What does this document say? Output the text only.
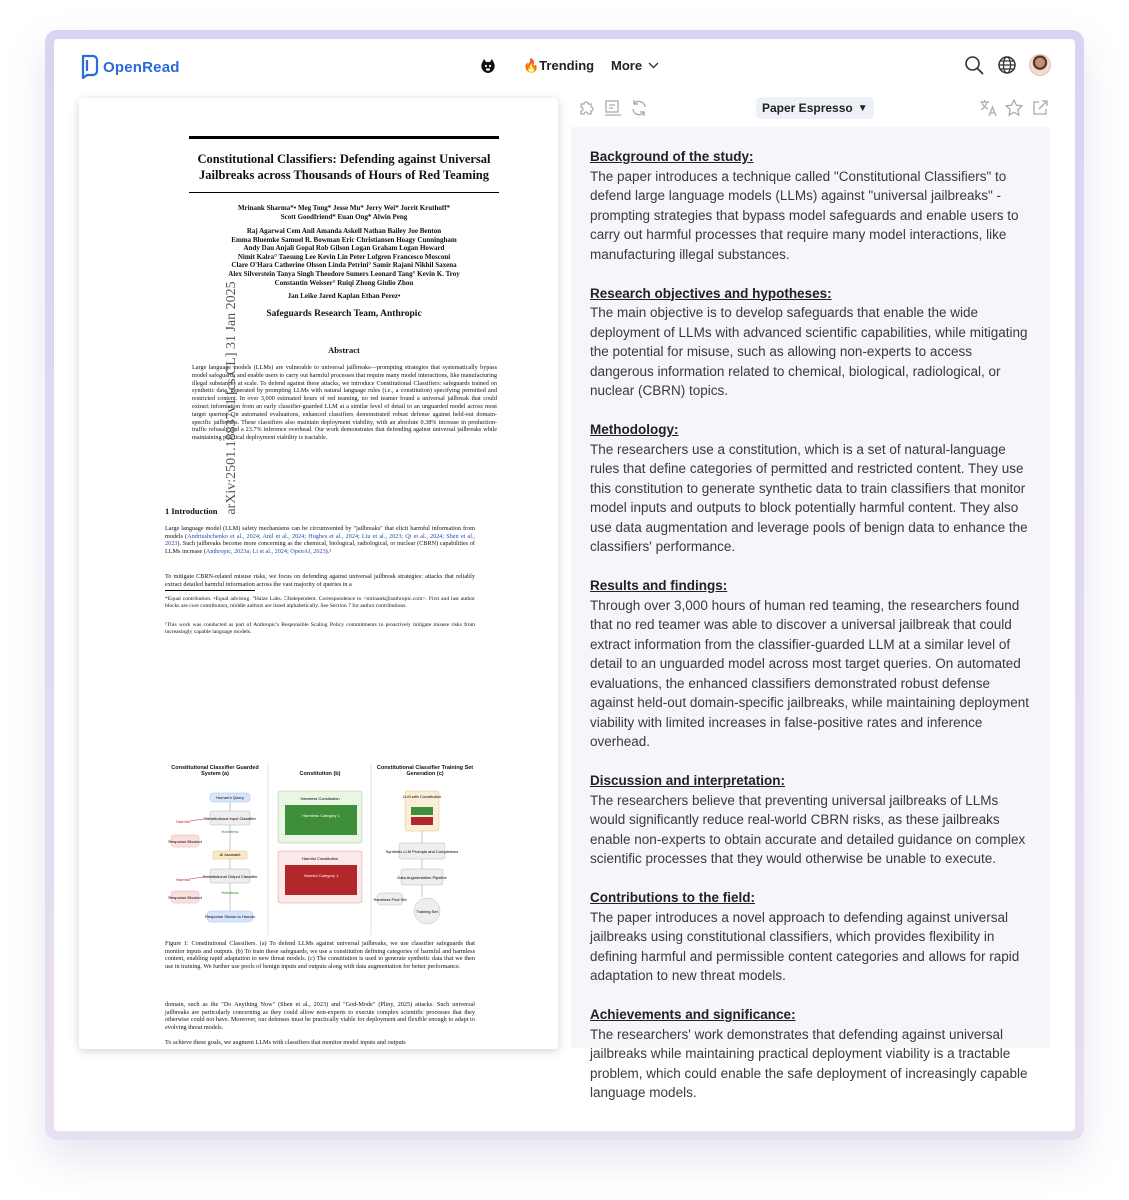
OpenRead	🔥Trending More
Constitutional Classifiers: Defending against Universal
Jailbreaks across Thousands of Hours of Red Teaming
Mrinank Sharma*• Meg Tong* Jesse Mu* Jerry Wei* Jorrit Kruthoff*
Scott Goodfriend* Euan Ong* Alwin Peng
Raj Agarwal Cem Anil Amanda Askell Nathan Bailey Joe Benton
Emma Bluemke Samuel R. Bowman Eric Christiansen Hoagy Cunningham
Andy Dau Anjali Gopal Rob Gilson Logan Graham Logan Howard
Nimit Kalra° Taesung Lee Kevin Lin Peter Lofgren Francesco Mosconi
Clare O'Hara Catherine Olsson Linda Petrini° Samir Rajani Nikhil Saxena
Alex Silverstein Tanya Singh Theodore Sumers Leonard Tang° Kevin K. Troy
Constantin Weisser° Ruiqi Zhong Giulio Zhou
Jan Leike Jared Kaplan Ethan Perez•
Safeguards Research Team, Anthropic
Abstract
Large language models (LLMs) are vulnerable to universal jailbreaks—prompting strategies that systematically bypass model safeguards and enable users to carry out harmful processes that require many model interactions, like manufacturing illegal substances at scale. To defend against these attacks, we introduce Constitutional Classifiers: safeguards trained on synthetic data, generated by prompting LLMs with natural language rules (i.e., a constitution) specifying permitted and restricted content. In over 3,000 estimated hours of red teaming, no red teamer found a universal jailbreak that could extract information from an early classifier-guarded LLM at a similar level of detail to an unguarded model across most target queries. On automated evaluations, enhanced classifiers demonstrated robust defense against held-out domain-specific jailbreaks. These classifiers also maintain deployment viability, with an absolute 0.38% increase in production-traffic refusals and a 23.7% inference overhead. Our work demonstrates that defending against universal jailbreaks while maintaining practical deployment viability is tractable.
arXiv:2501.18837v1 [cs.CL] 31 Jan 2025
1 Introduction
Large language model (LLM) safety mechanisms can be circumvented by "jailbreaks" that elicit harmful information from models (Andriushchenko et al., 2024; Anil et al., 2024; Hughes et al., 2024; Liu et al., 2023; Qi et al., 2024; Shen et al., 2023). Such jailbreaks become more concerning as the chemical, biological, radiological, or nuclear (CBRN) capabilities of LLMs increase (Anthropic, 2023a; Li et al., 2024; OpenAI, 2023).¹
To mitigate CBRN-related misuse risks, we focus on defending against universal jailbreak strategies: attacks that reliably extract detailed harmful information across the vast majority of queries in a
*Equal contribution. •Equal advising. °Haize Labs. □Independent. Correspondence to <mrinank@anthropic.com>. First and last author blocks are core contributors, middle authors are listed alphabetically. See Section 7 for author contributions.
¹This work was conducted as part of Anthropic's Responsible Scaling Policy commitments to proactively mitigate misuse risks from increasingly capable language models.
Constitutional Classifier Guarded System (a)	Constitution (b)
Constitutional Classifier Training Set Generation (c)
Human's Query
Constitutional Input Classifier
Harmful
Response Blocked
Harmless
AI Assistant
Constitutional Output Classifier
Harmful
Response Blocked
Harmless
Response Shown to Human
Harmless Constitution
Harmless Category 1
Harmful Constitution
Harmful Category 1
LLM with Constitution
Synthetic LLM Prompts and Completions
Data Augmentation Pipeline
Training Set
Harmless Pool Set
Figure 1: Constitutional Classifiers. (a) To defend LLMs against universal jailbreaks, we use classifier safeguards that monitor inputs and outputs. (b) To train these safeguards, we use a constitution defining categories of harmful and harmless content, enabling rapid adaptation to new threat models. (c) The constitution is used to generate synthetic data that we then use in training. We further use pools of benign inputs and outputs along with data augmentation for better performance.
domain, such as the "Do Anything Now" (Shen et al., 2023) and "God-Mode" (Pliny, 2025) attacks. Such universal jailbreaks are particularly concerning as they could allow non-experts to execute complex scientific processes that they otherwise could not have. Moreover, our defenses must be practically viable for deployment and flexible enough to adapt to evolving threat models.
To achieve these goals, we augment LLMs with classifiers that monitor model inputs and outputs
Paper Espresso ▼
Background of the study:
The paper introduces a technique called "Constitutional Classifiers" to defend large language models (LLMs) against "universal jailbreaks" - prompting strategies that bypass model safeguards and enable users to carry out harmful processes that require many model interactions, like manufacturing illegal substances.
Research objectives and hypotheses:
The main objective is to develop safeguards that enable the wide deployment of LLMs with advanced scientific capabilities, while mitigating the potential for misuse, such as allowing non-experts to access dangerous information related to chemical, biological, radiological, or nuclear (CBRN) topics.
Methodology:
The researchers use a constitution, which is a set of natural-language rules that define categories of permitted and restricted content. They use this constitution to generate synthetic data to train classifiers that monitor model inputs and outputs to block potentially harmful content. They also use data augmentation and leverage pools of benign data to enhance the classifiers' performance.
Results and findings:
Through over 3,000 hours of human red teaming, the researchers found that no red teamer was able to discover a universal jailbreak that could extract information from the classifier-guarded LLM at a similar level of detail to an unguarded model across most target queries. On automated evaluations, the enhanced classifiers demonstrated robust defense against held-out domain-specific jailbreaks, while maintaining deployment viability with limited increases in false-positive rates and inference overhead.
Discussion and interpretation:
The researchers believe that preventing universal jailbreaks of LLMs would significantly reduce real-world CBRN risks, as these jailbreaks enable non-experts to obtain accurate and detailed guidance on complex scientific processes that they would otherwise be unable to execute.
Contributions to the field:
The paper introduces a novel approach to defending against universal jailbreaks using constitutional classifiers, which provides flexibility in defining harmful and permissible content categories and allows for rapid adaptation to new threat models.
Achievements and significance:
The researchers' work demonstrates that defending against universal jailbreaks while maintaining practical deployment viability is a tractable problem, which could enable the safe deployment of increasingly capable language models.
